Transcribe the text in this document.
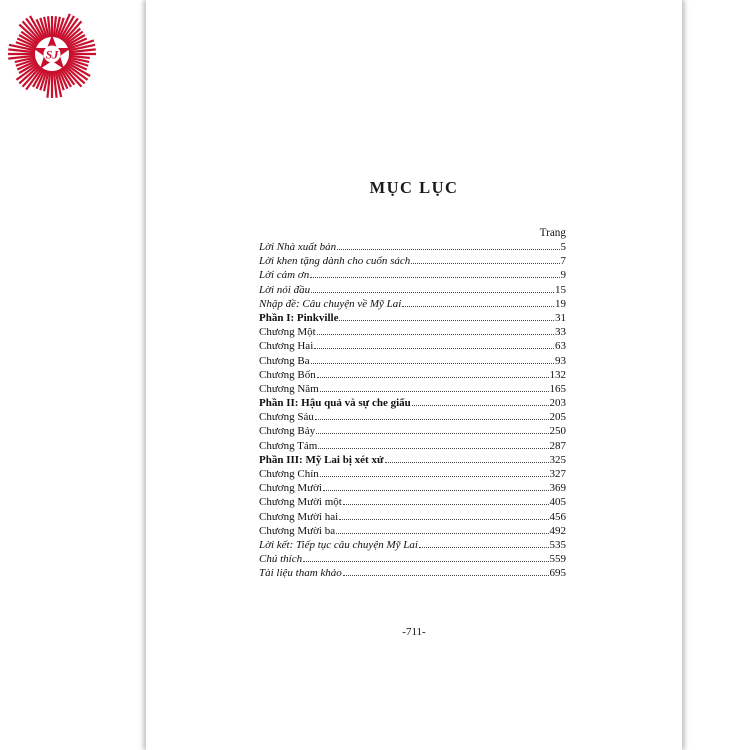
SJ
MỤC LỤC
Trang
Lời Nhà xuất bản	5
Lời khen tặng dành cho cuốn sách	7
Lời cảm ơn	9
Lời nói đầu	15
Nhập đề: Câu chuyện về Mỹ Lai	19
Phần I: Pinkville	31
Chương Một	33
Chương Hai	63
Chương Ba	93
Chương Bốn	132
Chương Năm	165
Phần II: Hậu quả và sự che giấu	203
Chương Sáu	205
Chương Bảy	250
Chương Tám	287
Phần III: Mỹ Lai bị xét xử	325
Chương Chín	327
Chương Mười	369
Chương Mười một	405
Chương Mười hai	456
Chương Mười ba	492
Lời kết: Tiếp tục câu chuyện Mỹ Lai	535
Chú thích	559
Tài liệu tham khảo	695
-711-
